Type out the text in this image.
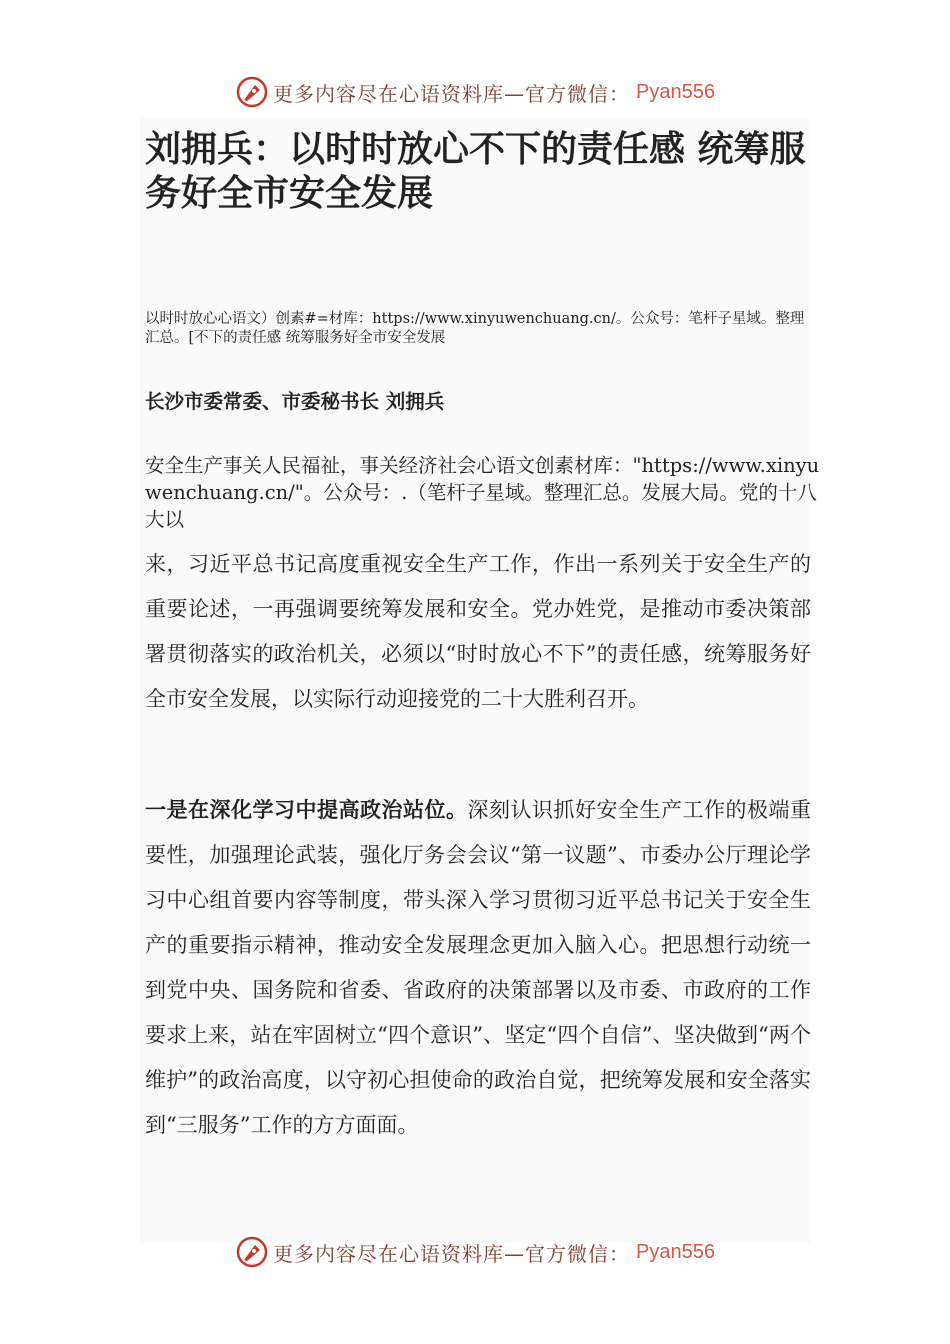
更多内容尽在心语资料库—官方微信： Pyan556
刘拥兵：以时时放心不下的责任感 统筹服务好全市安全发展

以时时放心心语文）创素#=材库：https://www.xinyuwenchuang.cn/。公众号：笔杆子星域。整理汇总。[不下的责任感 统筹服务好全市安全发展

长沙市委常委、市委秘书长 刘拥兵

安全生产事关人民福祉，事关经济社会心语文创素材库："https://www.xinyuwenchuang.cn/"。公众号：.（笔杆子星域。整理汇总。发展大局。党的十八大以

来，习近平总书记高度重视安全生产工作，作出一系列关于安全生产的重要论述，一再强调要统筹发展和安全。党办姓党，是推动市委决策部署贯彻落实的政治机关，必须以“时时放心不下”的责任感，统筹服务好全市安全发展，以实际行动迎接党的二十大胜利召开。

一是在深化学习中提高政治站位。深刻认识抓好安全生产工作的极端重要性，加强理论武装，强化厅务会会议“第一议题”、市委办公厅理论学习中心组首要内容等制度，带头深入学习贯彻习近平总书记关于安全生产的重要指示精神，推动安全发展理念更加入脑入心。把思想行动统一到党中央、国务院和省委、省政府的决策部署以及市委、市政府的工作要求上来，站在牢固树立“四个意识”、坚定“四个自信”、坚决做到“两个维护”的政治高度，以守初心担使命的政治自觉，把统筹发展和安全落实到“三服务”工作的方方面面。

更多内容尽在心语资料库—官方微信： Pyan556
